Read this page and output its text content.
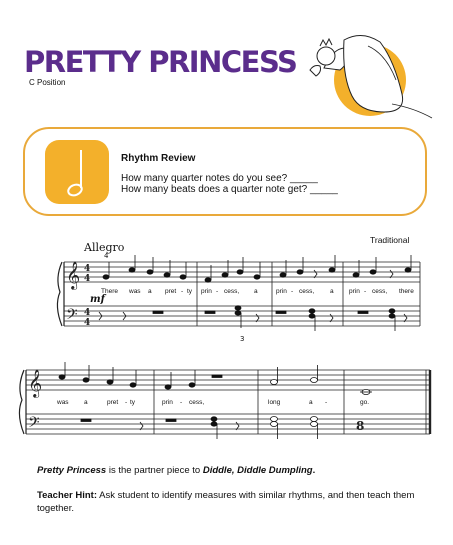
PRETTY PRINCESS
C Position
Rhythm Review
How many quarter notes do you see? _____
How many beats does a quarter note get? _____
Traditional
Allegro
4
mf
3
𝄞
𝄢
𝄞
𝄢
4
4
4
4
8
There was a pret - ty prin - cess, a	prin - cess, a prin - cess, there
was a	pret - ty	prin - cess,	long	a -	go.
Pretty Princess is the partner piece to Diddle, Diddle Dumpling.
Teacher Hint: Ask student to identify measures with similar rhythms, and then teach them together.
